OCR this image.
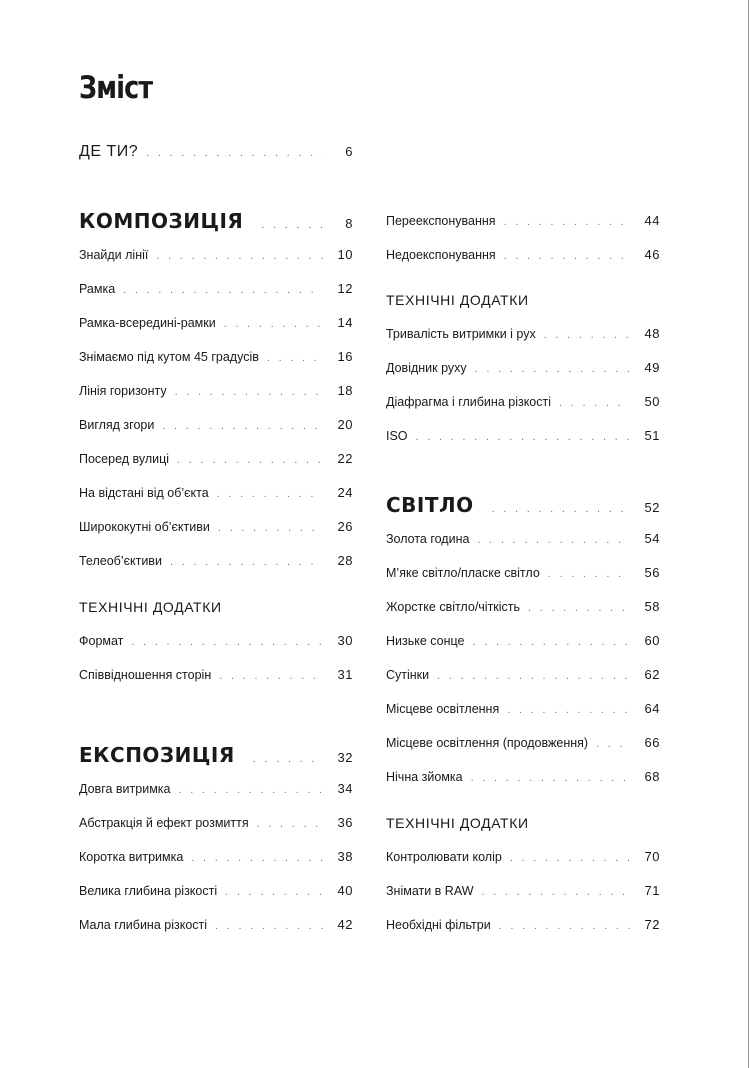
Зміст
ДЕ ТИ? . . .	6
КОМПОЗИЦІЯ . . .	8
Знайди лінії . . .	10
Рамка . . .	12
Рамка-всередині-рамки . . .	14
Знімаємо під кутом 45 градусів . . .	16
Лінія горизонту . . .	18
Вигляд згори . . .	20
Посеред вулиці . . .	22
На відстані від об’єкта . . .	24
Ширококутні об’єктиви . . .	26
Телеоб’єктиви . . .	28
ТЕХНІЧНІ ДОДАТКИ
Формат . . .	30
Співвідношення сторін . . .	31
ЕКСПОЗИЦІЯ . . .	32
Довга витримка . . .	34
Абстракція й ефект розмиття . . .	36
Коротка витримка . . .	38
Велика глибина різкості . . .	40
Мала глибина різкості . . .	42
Переекспонування . . .	44
Недоекспонування . . .	46
ТЕХНІЧНІ ДОДАТКИ
Тривалість витримки і рух . . .	48
Довідник руху . . .	49
Діафрагма і глибина різкості . . .	50
ISO . . .	51
СВІТЛО . . .	52
Золота година . . .	54
М’яке світло/пласке світло . . .	56
Жорстке світло/чіткість . . .	58
Низьке сонце . . .	60
Сутінки . . .	62
Місцеве освітлення . . .	64
Місцеве освітлення (продовження) . . .	66
Нічна зйомка . . .	68
ТЕХНІЧНІ ДОДАТКИ
Контролювати колір . . .	70
Знімати в RAW . . .	71
Необхідні фільтри . . .	72
